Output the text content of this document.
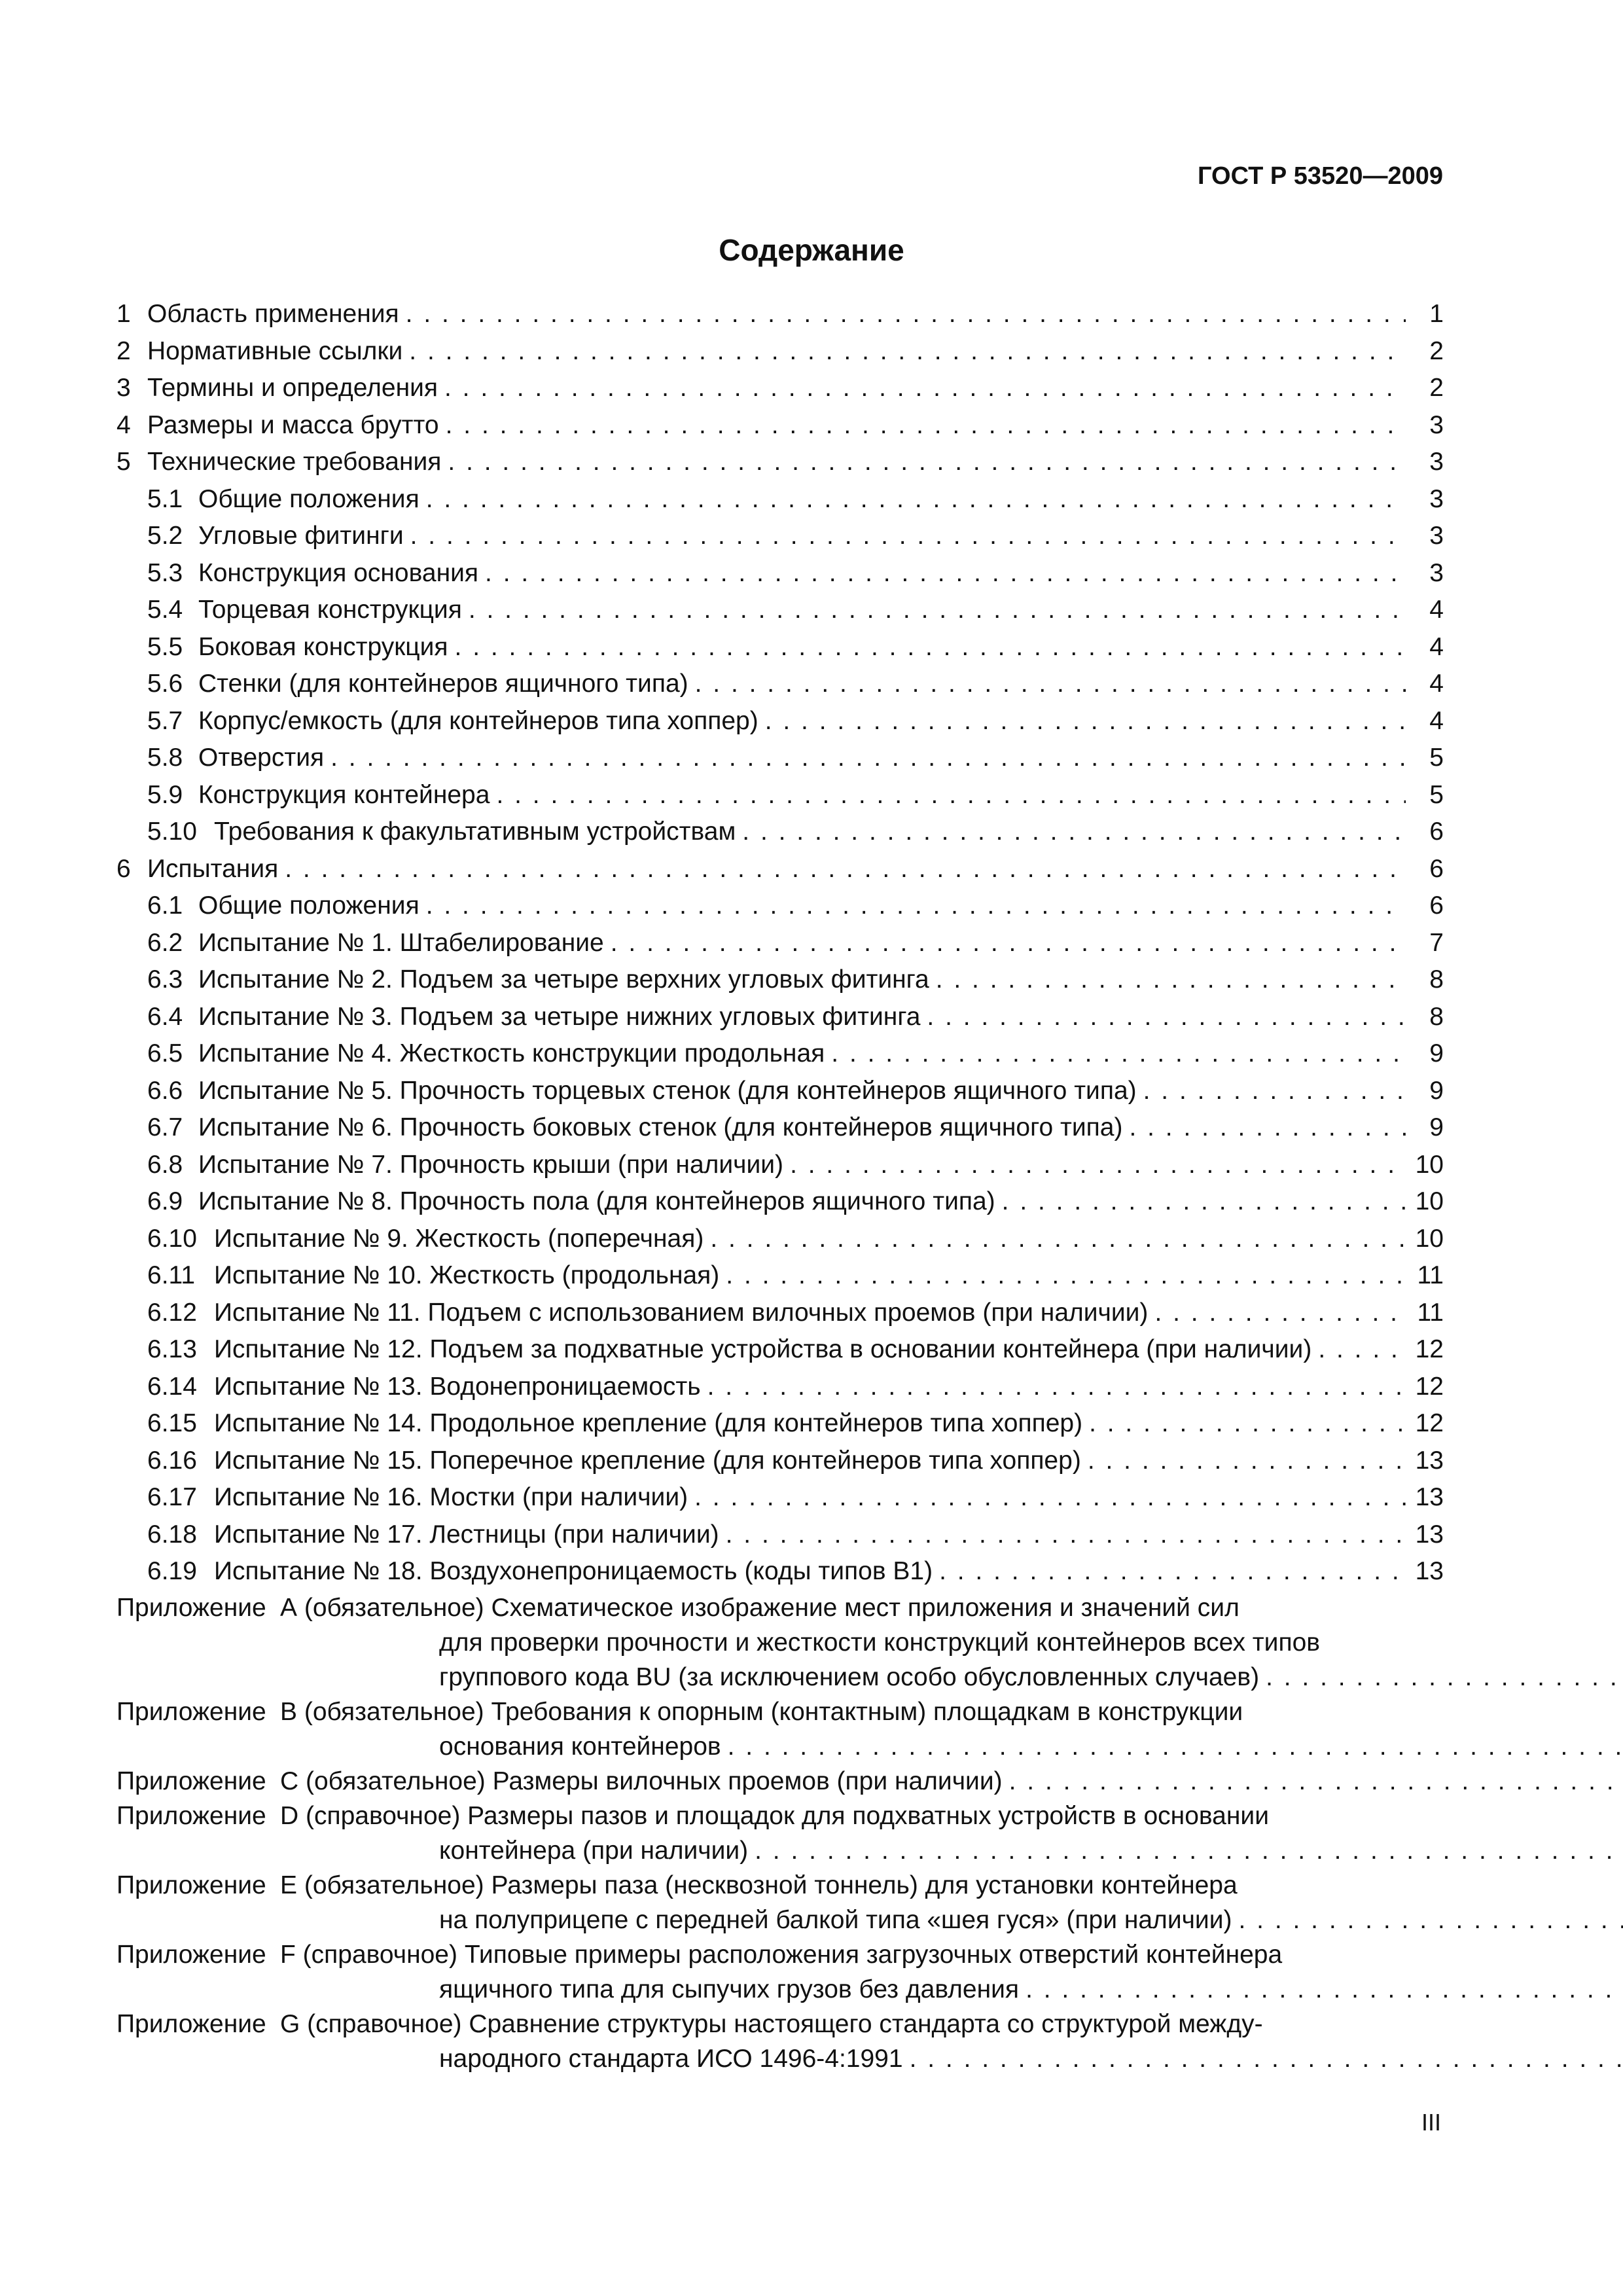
ГОСТ Р 53520—2009
Содержание
1 Область применения . . .	1
2 Нормативные ссылки . . .	2
3 Термины и определения . . .	2
4 Размеры и масса брутто . . .	3
5 Технические требования . . .	3
5.1 Общие положения . . .	3
5.2 Угловые фитинги . . .	3
5.3 Конструкция основания . . .	3
5.4 Торцевая конструкция . . .	4
5.5 Боковая конструкция . . .	4
5.6 Стенки (для контейнеров ящичного типа) . . .	4
5.7 Корпус/емкость (для контейнеров типа хоппер) . . .	4
5.8 Отверстия . . .	5
5.9 Конструкция контейнера . . .	5
5.10 Требования к факультативным устройствам . . .	6
6 Испытания . . .	6
6.1 Общие положения . . .	6
6.2 Испытание № 1. Штабелирование . . .	7
6.3 Испытание № 2. Подъем за четыре верхних угловых фитинга . . .	8
6.4 Испытание № 3. Подъем за четыре нижних угловых фитинга . . .	8
6.5 Испытание № 4. Жесткость конструкции продольная . . .	9
6.6 Испытание № 5. Прочность торцевых стенок (для контейнеров ящичного типа) . . .	9
6.7 Испытание № 6. Прочность боковых стенок (для контейнеров ящичного типа) . . .	9
6.8 Испытание № 7. Прочность крыши (при наличии) . . .	10
6.9 Испытание № 8. Прочность пола (для контейнеров ящичного типа) . . .	10
6.10 Испытание № 9. Жесткость (поперечная) . . .	10
6.11 Испытание № 10. Жесткость (продольная) . . .	11
6.12 Испытание № 11. Подъем с использованием вилочных проемов (при наличии) . . .	11
6.13 Испытание № 12. Подъем за подхватные устройства в основании контейнера (при наличии) . . .	12
6.14 Испытание № 13. Водонепроницаемость . . .	12
6.15 Испытание № 14. Продольное крепление (для контейнеров типа хоппер) . . .	12
6.16 Испытание № 15. Поперечное крепление (для контейнеров типа хоппер) . . .	13
6.17 Испытание № 16. Мостки (при наличии) . . .	13
6.18 Испытание № 17. Лестницы (при наличии) . . .	13
6.19 Испытание № 18. Воздухонепроницаемость (коды типов В1) . . .	13
Приложение А (обязательное) Схематическое изображение мест приложения и значений сил
для проверки прочности и жесткости конструкций контейнеров всех типов
группового кода BU (за исключением особо обусловленных случаев)
. . .
Приложение В (обязательное) Требования к опорным (контактным) площадкам в конструкции
основания контейнеров
. . .
Приложение С (обязательное) Размеры вилочных проемов (при наличии)
. . .
Приложение D (справочное) Размеры пазов и площадок для подхватных устройств в основании
контейнера (при наличии)
. . .
Приложение Е (обязательное) Размеры паза (несквозной тоннель) для установки контейнера
на полуприцепе с передней балкой типа «шея гуся» (при наличии)
. . .
Приложение F (справочное) Типовые примеры расположения загрузочных отверстий контейнера
ящичного типа для сыпучих грузов без давления
. . .
Приложение G (справочное) Сравнение структуры настоящего стандарта со структурой между-
народного стандарта ИСО 1496-4:1991
. . .
III
